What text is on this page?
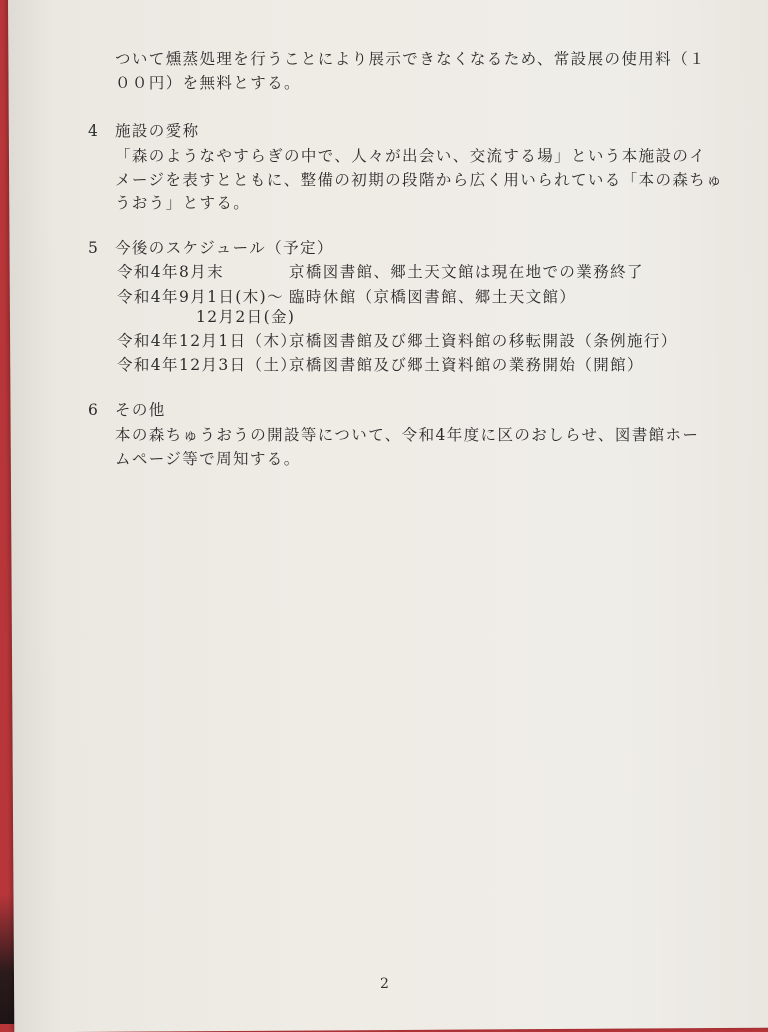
ついて燻蒸処理を行うことにより展示できなくなるため、常設展の使用料（１
００円）を無料とする。
4 施設の愛称
「森のようなやすらぎの中で、人々が出会い、交流する場」という本施設のイ
メージを表すとともに、整備の初期の段階から広く用いられている「本の森ちゅ
うおう」とする。
5 今後のスケジュール（予定）
令和4年8月末	京橋図書館、郷土天文館は現在地での業務終了
令和4年9月1日(木)～ 臨時休館（京橋図書館、郷土天文館）
12月2日(金)
令和4年12月1日（木）
京橋図書館及び郷土資料館の移転開設（条例施行）
令和4年12月3日（土）
京橋図書館及び郷土資料館の業務開始（開館）
6 その他
本の森ちゅうおうの開設等について、令和4年度に区のおしらせ、図書館ホー
ムページ等で周知する。
2
